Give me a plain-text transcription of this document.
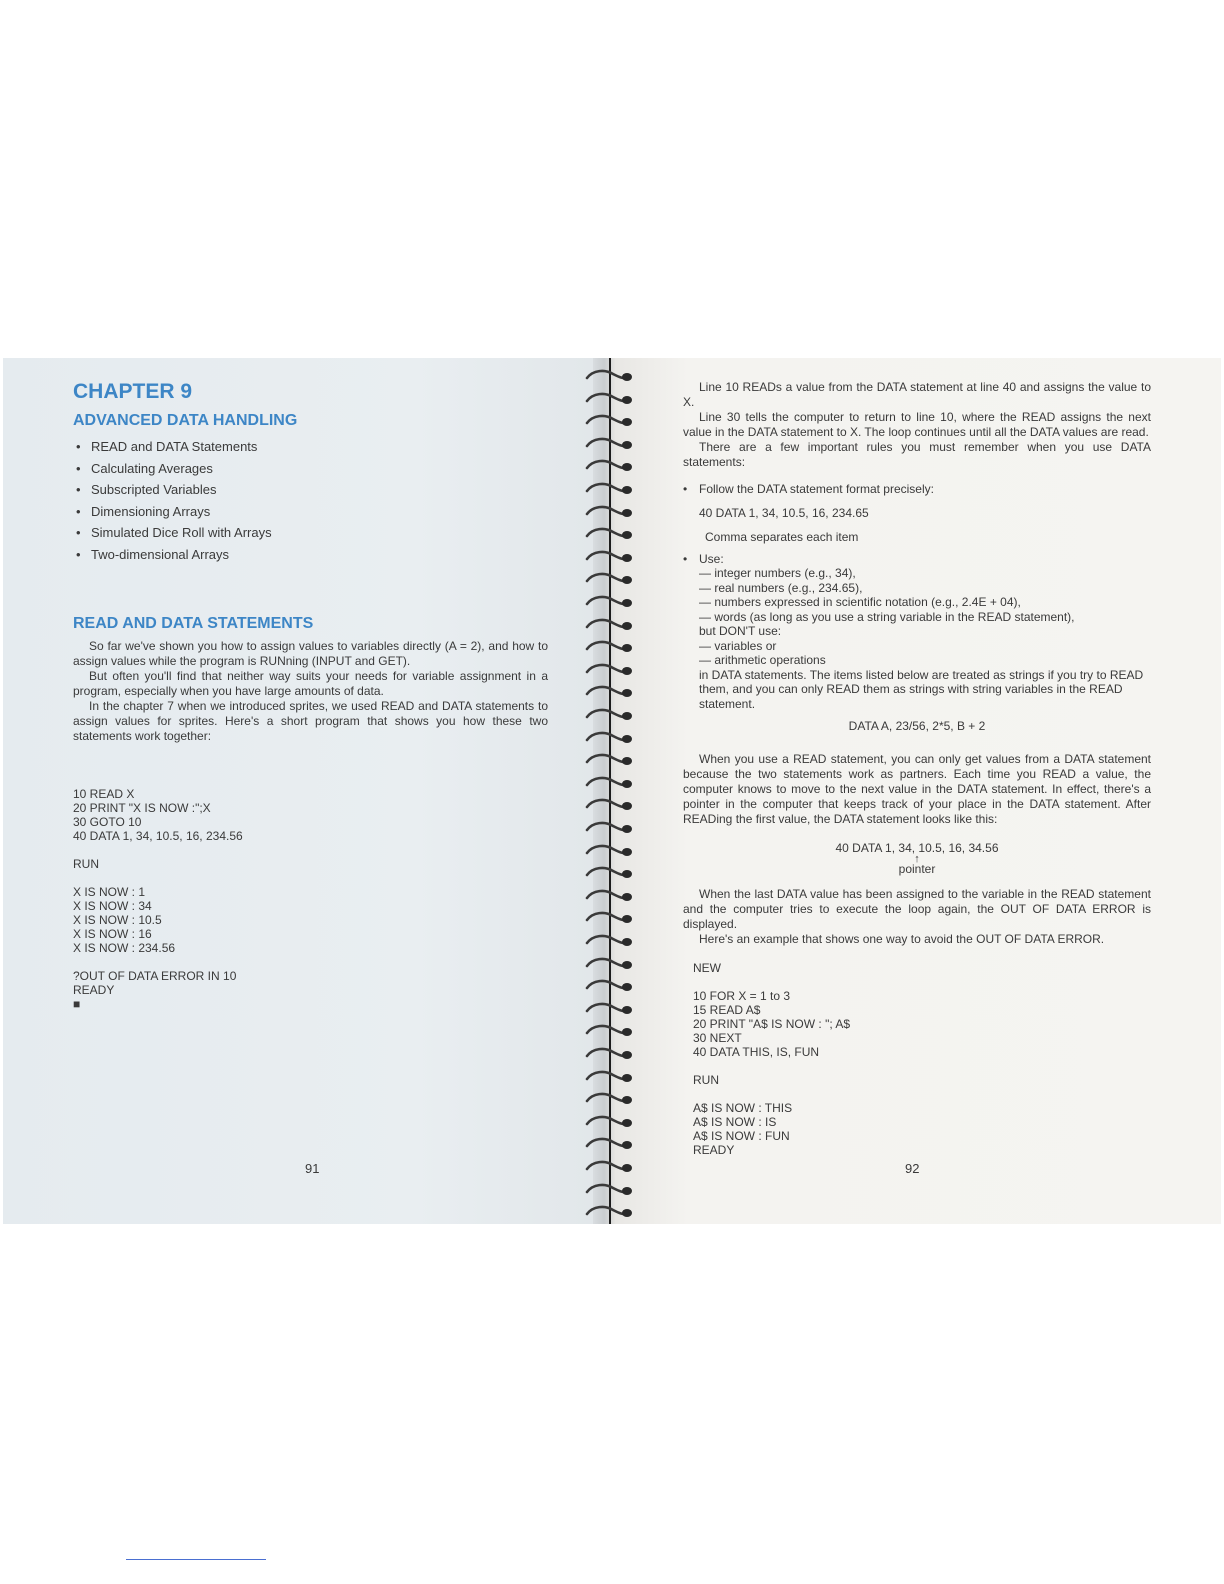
CHAPTER 9
ADVANCED DATA HANDLING
• READ and DATA Statements
• Calculating Averages
• Subscripted Variables
• Dimensioning Arrays
• Simulated Dice Roll with Arrays
• Two-dimensional Arrays
READ AND DATA STATEMENTS

So far we've shown you how to assign values to variables directly (A = 2), and how to assign values while the program is RUNning (INPUT and GET).

But often you'll find that neither way suits your needs for variable assignment in a program, especially when you have large amounts of data.

In the chapter 7 when we introduced sprites, we used READ and DATA statements to assign values for sprites. Here's a short program that shows you how these two statements work together:

10 READ X

20 PRINT "X IS NOW :";X

30 GOTO 10

40 DATA 1, 34, 10.5, 16, 234.56

RUN

X IS NOW : 1

X IS NOW : 34

X IS NOW : 10.5

X IS NOW : 16

X IS NOW : 234.56

?OUT OF DATA ERROR IN 10

READY

■

91

Line 10 READs a value from the DATA statement at line 40 and assigns the value to X.

Line 30 tells the computer to return to line 10, where the READ assigns the next value in the DATA statement to X. The loop continues until all the DATA values are read.

There are a few important rules you must remember when you use DATA statements:

• Follow the DATA statement format precisely:

40 DATA 1, 34, 10.5, 16, 234.65

Comma separates each item

• Use:
— integer numbers (e.g., 34),
— real numbers (e.g., 234.65),
— numbers expressed in scientific notation (e.g., 2.4E + 04),
— words (as long as you use a string variable in the READ statement),
but DON'T use:
— variables or
— arithmetic operations
in DATA statements. The items listed below are treated as strings if you try to READ them, and you can only READ them as strings with string variables in the READ statement.

DATA A, 23/56, 2*5, B + 2

When you use a READ statement, you can only get values from a DATA statement because the two statements work as partners. Each time you READ a value, the computer knows to move to the next value in the DATA statement. In effect, there's a pointer in the computer that keeps track of your place in the DATA statement. After READing the first value, the DATA statement looks like this:

40 DATA 1, 34, 10.5, 16, 34.56

↑

pointer

When the last DATA value has been assigned to the variable in the READ statement and the computer tries to execute the loop again, the OUT OF DATA ERROR is displayed.

Here's an example that shows one way to avoid the OUT OF DATA ERROR.

NEW

10 FOR X = 1 to 3

15 READ A$

20 PRINT "A$ IS NOW : "; A$

30 NEXT

40 DATA THIS, IS, FUN

RUN

A$ IS NOW : THIS

A$ IS NOW : IS

A$ IS NOW : FUN

READY

92
